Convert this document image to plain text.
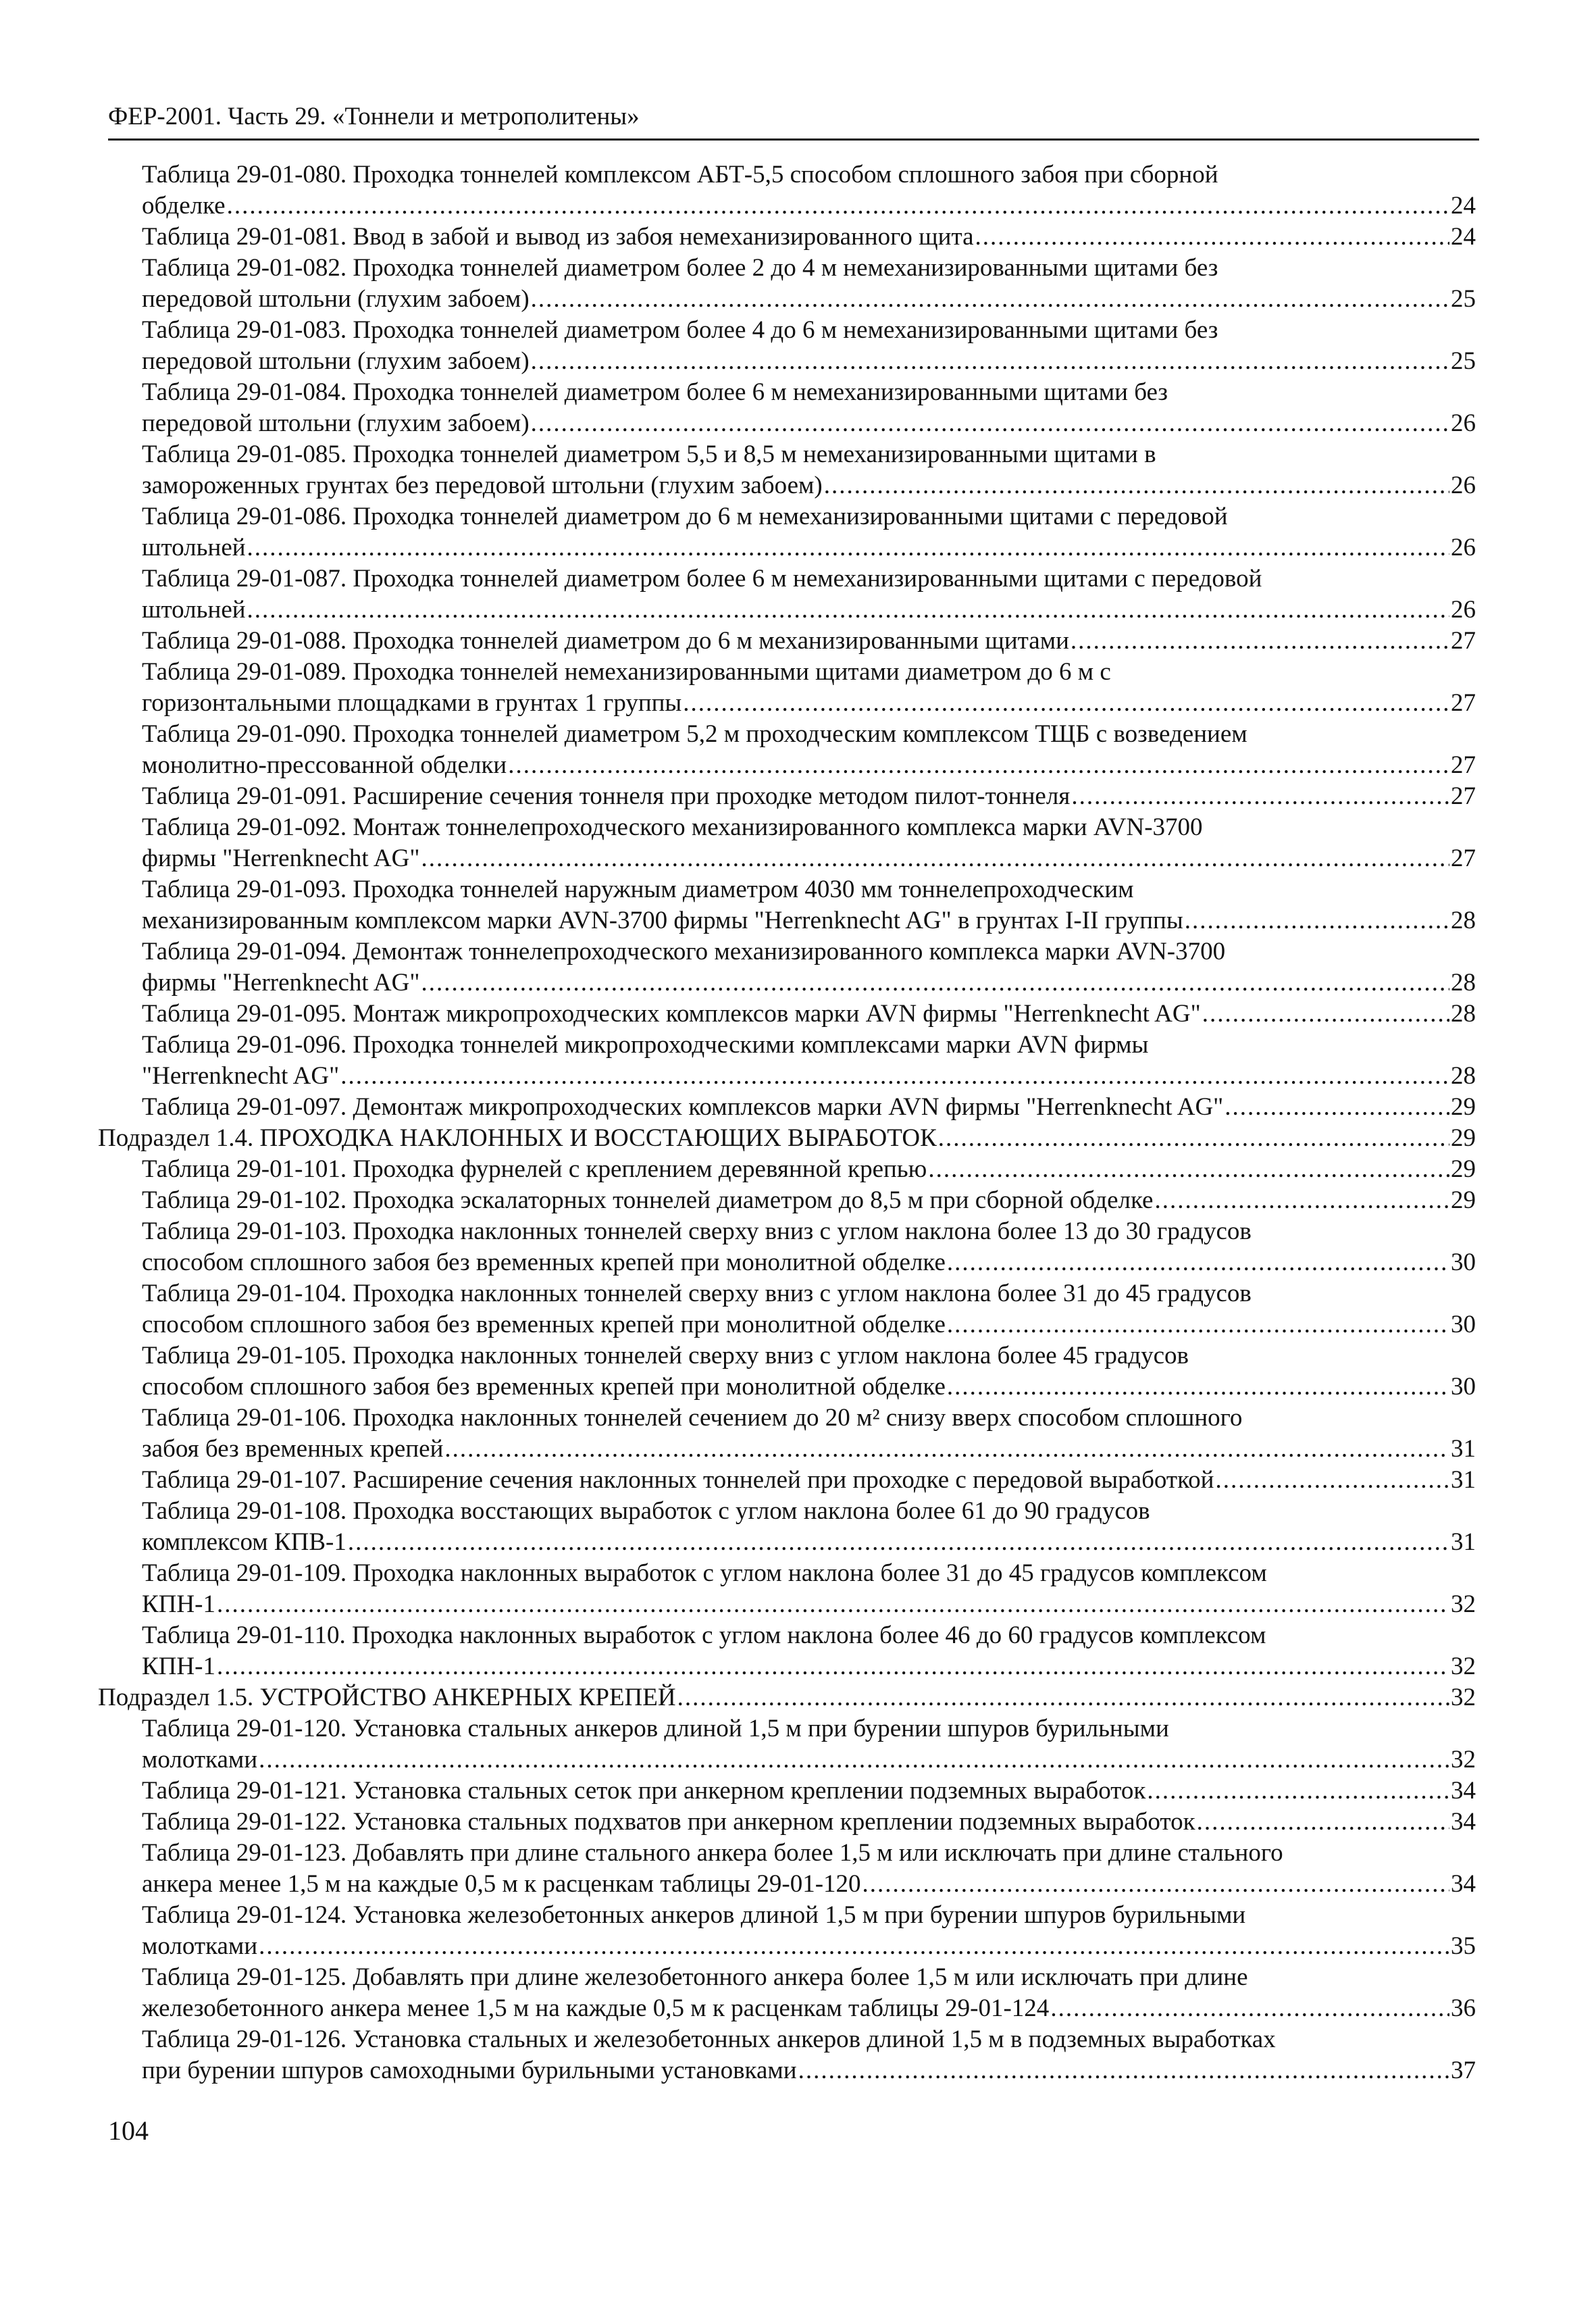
ФЕР-2001. Часть 29. «Тоннели и метрополитены»
Таблица 29-01-080. Проходка тоннелей комплексом АБТ-5,5 способом сплошного забоя при сборной
обделке .....	24
Таблица 29-01-081. Ввод в забой и вывод из забоя немеханизированного щита .....	24
Таблица 29-01-082. Проходка тоннелей диаметром более 2 до 4 м немеханизированными щитами без
передовой штольни (глухим забоем) .....	25
Таблица 29-01-083. Проходка тоннелей диаметром более 4 до 6 м немеханизированными щитами без
передовой штольни (глухим забоем) .....	25
Таблица 29-01-084. Проходка тоннелей диаметром более 6 м немеханизированными щитами без
передовой штольни (глухим забоем) .....	26
Таблица 29-01-085. Проходка тоннелей диаметром 5,5 и 8,5 м немеханизированными щитами в
замороженных грунтах без передовой штольни (глухим забоем) .....	26
Таблица 29-01-086. Проходка тоннелей диаметром до 6 м немеханизированными щитами с передовой
штольней .....	26
Таблица 29-01-087. Проходка тоннелей диаметром более 6 м немеханизированными щитами с передовой
штольней .....	26
Таблица 29-01-088. Проходка тоннелей диаметром до 6 м механизированными щитами .....	27
Таблица 29-01-089. Проходка тоннелей немеханизированными щитами диаметром до 6 м с
горизонтальными площадками в грунтах 1 группы .....	27
Таблица 29-01-090. Проходка тоннелей диаметром 5,2 м проходческим комплексом ТЩБ с возведением
монолитно-прессованной обделки .....	27
Таблица 29-01-091. Расширение сечения тоннеля при проходке методом пилот-тоннеля .....	27
Таблица 29-01-092. Монтаж тоннелепроходческого механизированного комплекса марки AVN-3700
фирмы "Herrenknecht AG" .....	27
Таблица 29-01-093. Проходка тоннелей наружным диаметром 4030 мм тоннелепроходческим
механизированным комплексом марки AVN-3700 фирмы "Herrenknecht AG" в грунтах I-II группы .....	28
Таблица 29-01-094. Демонтаж тоннелепроходческого механизированного комплекса марки AVN-3700
фирмы "Herrenknecht AG" .....	28
Таблица 29-01-095. Монтаж микропроходческих комплексов марки AVN фирмы "Herrenknecht AG" .....	28
Таблица 29-01-096. Проходка тоннелей микропроходческими комплексами марки AVN фирмы
"Herrenknecht AG" .....	28
Таблица 29-01-097. Демонтаж микропроходческих комплексов марки AVN фирмы "Herrenknecht AG" .....	29
Подраздел 1.4. ПРОХОДКА НАКЛОННЫХ И ВОССТАЮЩИХ ВЫРАБОТОК .....	29
Таблица 29-01-101. Проходка фурнелей с креплением деревянной крепью .....	29
Таблица 29-01-102. Проходка эскалаторных тоннелей диаметром до 8,5 м при сборной обделке .....	29
Таблица 29-01-103. Проходка наклонных тоннелей сверху вниз с углом наклона более 13 до 30 градусов
способом сплошного забоя без временных крепей при монолитной обделке .....	30
Таблица 29-01-104. Проходка наклонных тоннелей сверху вниз с углом наклона более 31 до 45 градусов
способом сплошного забоя без временных крепей при монолитной обделке .....	30
Таблица 29-01-105. Проходка наклонных тоннелей сверху вниз с углом наклона более 45 градусов
способом сплошного забоя без временных крепей при монолитной обделке .....	30
Таблица 29-01-106. Проходка наклонных тоннелей сечением до 20 м² снизу вверх способом сплошного
забоя без временных крепей .....	31
Таблица 29-01-107. Расширение сечения наклонных тоннелей при проходке с передовой выработкой .....	31
Таблица 29-01-108. Проходка восстающих выработок с углом наклона более 61 до 90 градусов
комплексом КПВ-1 .....	31
Таблица 29-01-109. Проходка наклонных выработок с углом наклона более 31 до 45 градусов комплексом
КПН-1 .....	32
Таблица 29-01-110. Проходка наклонных выработок с углом наклона более 46 до 60 градусов комплексом
КПН-1 .....	32
Подраздел 1.5. УСТРОЙСТВО АНКЕРНЫХ КРЕПЕЙ .....	32
Таблица 29-01-120. Установка стальных анкеров длиной 1,5 м при бурении шпуров бурильными
молотками .....	32
Таблица 29-01-121. Установка стальных сеток при анкерном креплении подземных выработок .....	34
Таблица 29-01-122. Установка стальных подхватов при анкерном креплении подземных выработок .....	34
Таблица 29-01-123. Добавлять при длине стального анкера более 1,5 м или исключать при длине стального
анкера менее 1,5 м на каждые 0,5 м к расценкам таблицы 29-01-120 .....	34
Таблица 29-01-124. Установка железобетонных анкеров длиной 1,5 м при бурении шпуров бурильными
молотками .....	35
Таблица 29-01-125. Добавлять при длине железобетонного анкера более 1,5 м или исключать при длине
железобетонного анкера менее 1,5 м на каждые 0,5 м к расценкам таблицы 29-01-124 .....	36
Таблица 29-01-126. Установка стальных и железобетонных анкеров длиной 1,5 м в подземных выработках
при бурении шпуров самоходными бурильными установками .....	37
104
